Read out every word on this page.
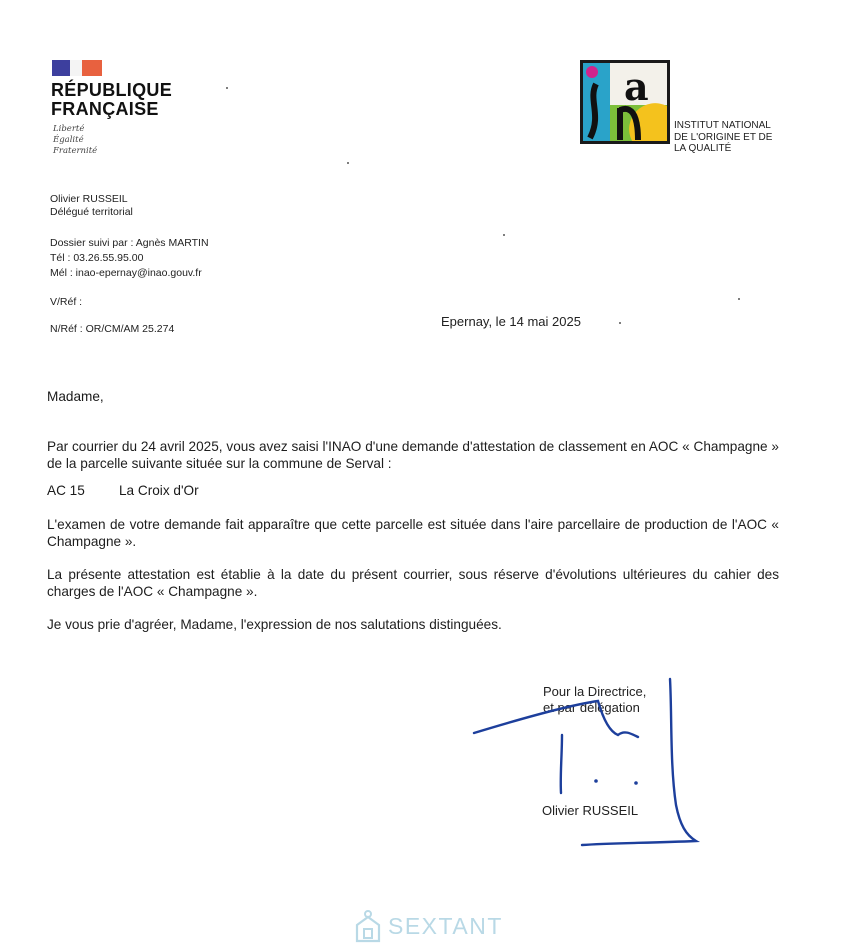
RÉPUBLIQUE
FRANÇAISE
Liberté
Égalité
Fraternité
a
INSTITUT NATIONAL
DE L'ORIGINE ET DE
LA QUALITÉ
Olivier RUSSEIL
Délégué territorial
Dossier suivi par : Agnès MARTIN
Tél : 03.26.55.95.00
Mél : inao-epernay@inao.gouv.fr
V/Réf :
N/Réf : OR/CM/AM 25.274	Epernay, le 14 mai 2025
Madame,
Par courrier du 24 avril 2025, vous avez saisi l'INAO d'une demande d'attestation de classement en AOC « Champagne » de la parcelle suivante située sur la commune de Serval :
AC 15	La Croix d'Or
L'examen de votre demande fait apparaître que cette parcelle est située dans l'aire parcellaire de production de l'AOC « Champagne ».
La présente attestation est établie à la date du présent courrier, sous réserve d'évolutions ultérieures du cahier des charges de l'AOC « Champagne ».
Je vous prie d'agréer, Madame, l'expression de nos salutations distinguées.
Pour la Directrice,
et par délégation
Olivier RUSSEIL
SEXTANT
